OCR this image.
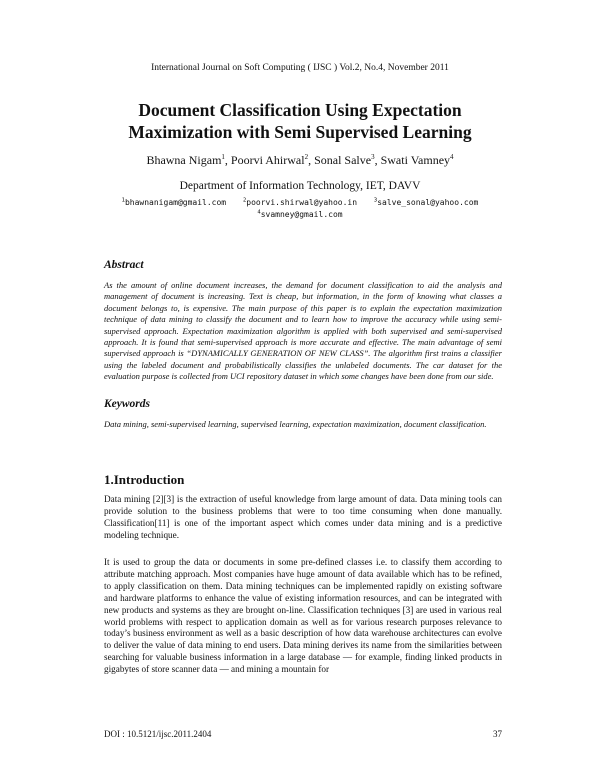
International Journal on Soft Computing ( IJSC ) Vol.2, No.4, November 2011
Document Classification Using Expectation
Maximization with Semi Supervised Learning
Bhawna Nigam$^1$, Poorvi Ahirwal$^2$, Sonal Salve$^3$, Swati Vamney$^4$
Department of Information Technology, IET, DAVV
$^1$bhawnanigam@gmail.com	$^2$poorvi.shirwal@yahoo.in	$^3$salve_sonal@yahoo.com
$^4$svamney@gmail.com
Abstract

As the amount of online document increases, the demand for document classification to aid the analysis and management of document is increasing. Text is cheap, but information, in the form of knowing what classes a document belongs to, is expensive. The main purpose of this paper is to explain the expectation maximization technique of data mining to classify the document and to learn how to improve the accuracy while using semi-supervised approach. Expectation maximization algorithm is applied with both supervised and semi-supervised approach. It is found that semi-supervised approach is more accurate and effective. The main advantage of semi supervised approach is “DYNAMICALLY GENERATION OF NEW CLASS”. The algorithm first trains a classifier using the labeled document and probabilistically classifies the unlabeled documents. The car dataset for the evaluation purpose is collected from UCI repository dataset in which some changes have been done from our side.

Keywords

Data mining, semi-supervised learning, supervised learning, expectation maximization, document classification.

1.Introduction

Data mining [2][3] is the extraction of useful knowledge from large amount of data. Data mining tools can provide solution to the business problems that were to too time consuming when done manually. Classification[11] is one of the important aspect which comes under data mining and is a predictive modeling technique.

It is used to group the data or documents in some pre-defined classes i.e. to classify them according to attribute matching approach. Most companies have huge amount of data available which has to be refined, to apply classification on them. Data mining techniques can be implemented rapidly on existing software and hardware platforms to enhance the value of existing information resources, and can be integrated with new products and systems as they are brought on-line. Classification techniques [3] are used in various real world problems with respect to application domain as well as for various research purposes relevance to today’s business environment as well as a basic description of how data warehouse architectures can evolve to deliver the value of data mining to end users. Data mining derives its name from the similarities between searching for valuable business information in a large database — for example, finding linked products in gigabytes of store scanner data — and mining a mountain for

DOI : 10.5121/ijsc.2011.2404	37
